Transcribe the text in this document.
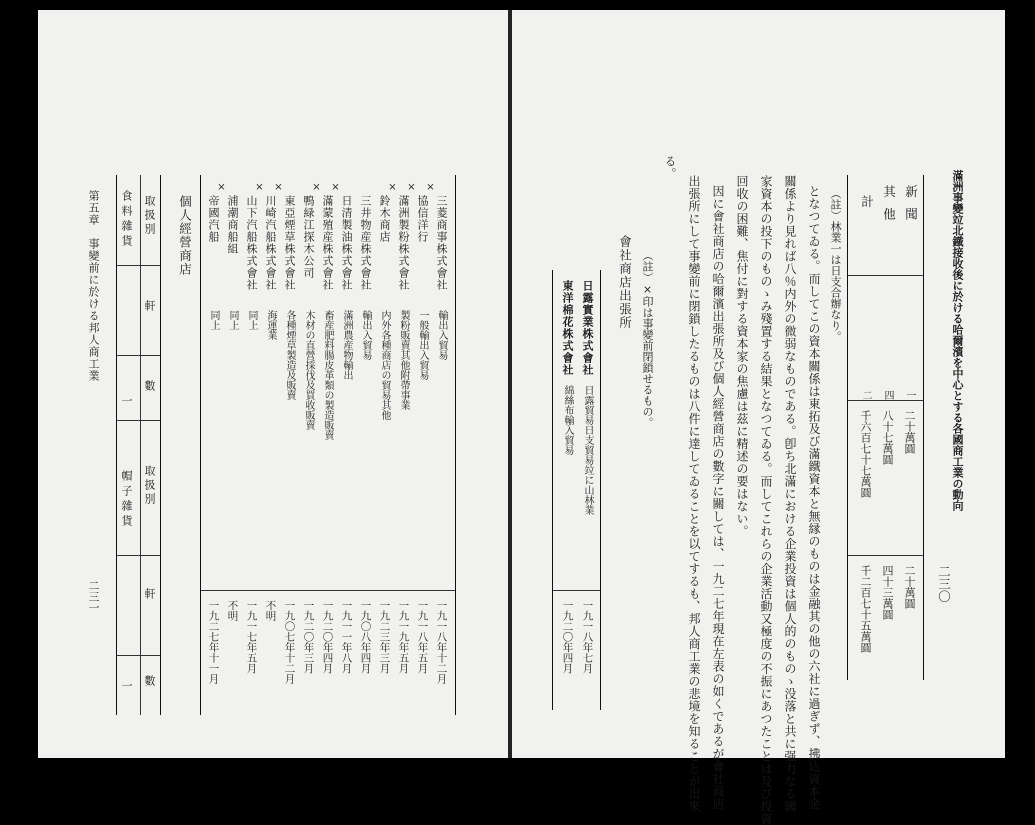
滿洲事變竝北鐵接收後に於ける哈爾濱を中心とする各國商工業の動向
二三〇
新聞
其他
計
二十萬圓
八十七萬圓
千六百七十七萬圓
一
四
二
二十萬圓
四十三萬圓
千二百七十五萬圓
（註）林業一は日支合辦なり。
となつてゐる。而してこの資本關係は東拓及び滿鐵資本と無縁のものは金融其の他の六社に過ぎず、拂込資本金
關係より見れば八％内外の微弱なものである。卽ち北滿における企業投資は個人的のものゝ没落と共に强力なる國
家資本の投下のものゝみ殘置する結果となつてゐる。而してこれらの企業活動又極度の不振にあつたことは及び投資
回收の困難、焦付に對する資本家の焦慮は茲に精述の要はない。
因に會社商店の哈爾濱出張所及び個人經營商店の數字に關しては、一九二七年現在左表の如くであるが會社商店
出張所にして事變前に閉鎖したるものは八件に達してゐることを以てするも、邦人商工業の悲境を知ることが出來
る。
（註）×印は事變前閉鎖せるもの。
會社商店出張所
日露實業株式會社
日露貿易日支貿易竝に山林業
一九一八年七月
東洋棉花株式會社
綿絲布輸入貿易
一九二〇年四月
三菱商事株式會社
輸出入貿易
一九一八年十二月
×
協信洋行
一般輸出入貿易
一九一八年五月
×
滿洲製粉株式會社
製粉販賣其他附帶事業
一九一九年五月
×
鈴木商店
内外各種商店の貿易其他
一九二三年三月
三井物産株式會社
輸出入貿易
一九〇八年四月
日清製油株式會社
滿洲農産物輸出
一九一一年八月
×
滿蒙殖産株式會社
畜産肥料腸皮革類の製造販賣
一九二〇年四月
×
鴨緑江探木公司
木材の直營採伐及買收販賣
一九二〇年三月
東亞煙草株式會社
各種煙草製造及販賣
一九〇七年十二月
×
川崎汽船株式會社
海運業
不明
×
山下汽船株式會社
同上
一九一七年五月
浦潮商船組
同上
不明
×
帝國汽船
同上
一九二七年十一月
個人經營商店
取扱別
軒
數
取扱別
軒
數
食料雜貨
一
帽子雜貨
一
第五章　事變前に於ける邦人商工業
二三一
